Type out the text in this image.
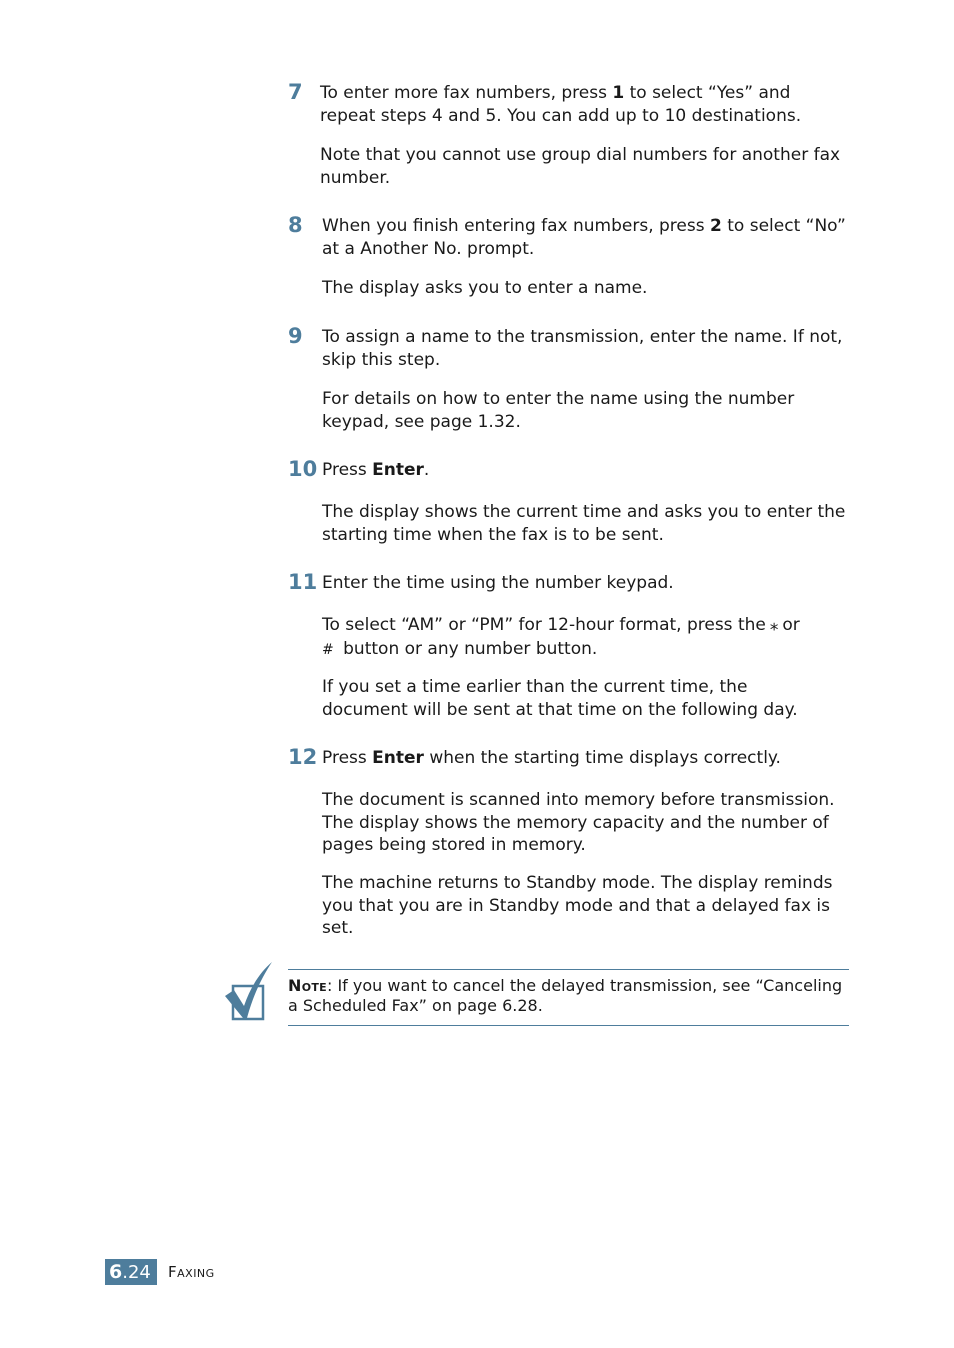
7 To enter more fax numbers, press 1 to select “Yes” and repeat steps 4 and 5. You can add up to 10 destinations.

Note that you cannot use group dial numbers for another fax number.

8 When you finish entering fax numbers, press 2 to select “No” at a Another No. prompt.

The display asks you to enter a name.

9 To assign a name to the transmission, enter the name. If not, skip this step.

For details on how to enter the name using the number keypad, see page 1.32.

10 Press Enter.

The display shows the current time and asks you to enter the starting time when the fax is to be sent.

11 Enter the time using the number keypad.

To select “AM” or “PM” for 12-hour format, press the ⁎ or
# button or any number button.

If you set a time earlier than the current time, the document will be sent at that time on the following day.

12 Press Enter when the starting time displays correctly.

The document is scanned into memory before transmission. The display shows the memory capacity and the number of pages being stored in memory.

The machine returns to Standby mode. The display reminds you that you are in Standby mode and that a delayed fax is set.

Note: If you want to cancel the delayed transmission, see “Canceling a Scheduled Fax” on page 6.28.
6.24	Faxing
